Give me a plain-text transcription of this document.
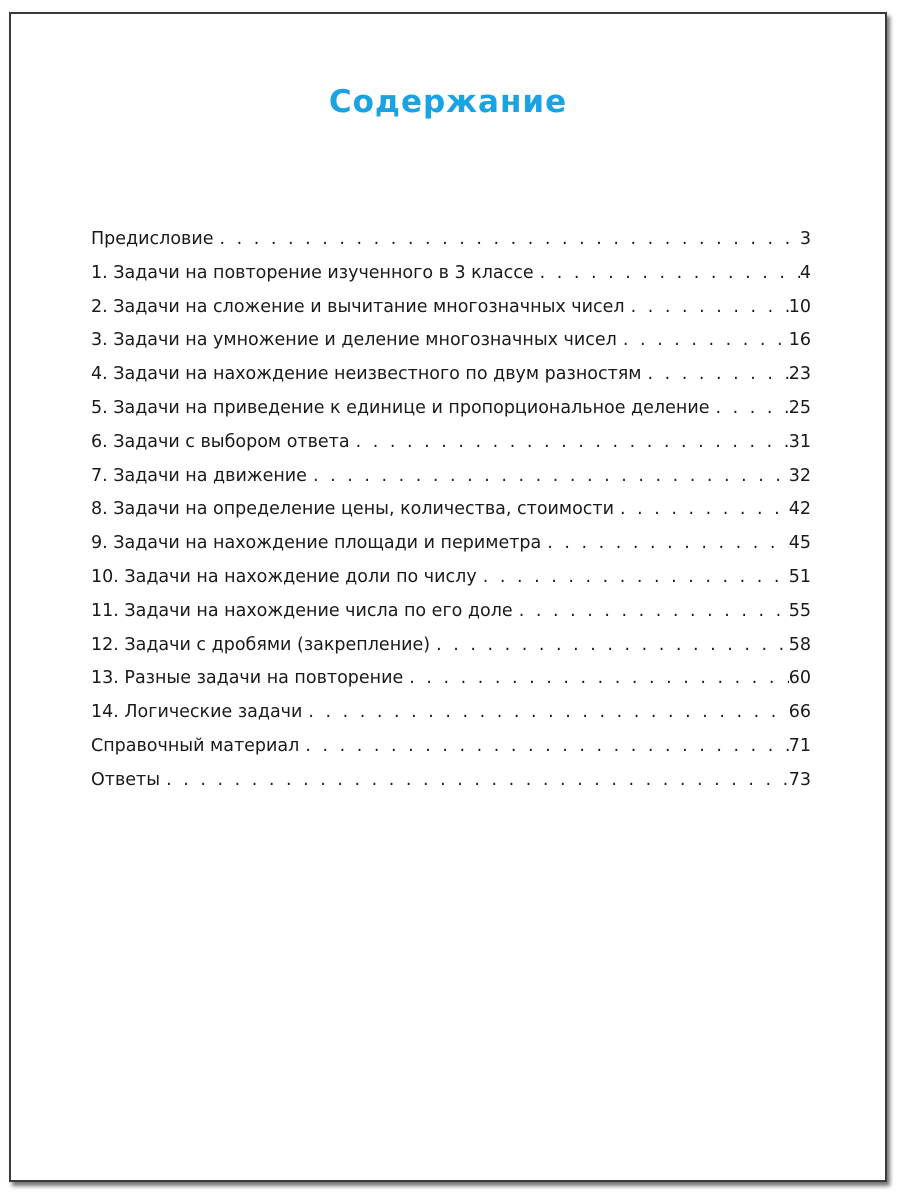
Содержание
Предисловие . . .	3
1. Задачи на повторение изученного в 3 классе . . .	4
2. Задачи на сложение и вычитание многозначных чисел . . .	10
3. Задачи на умножение и деление многозначных чисел . . .	16
4. Задачи на нахождение неизвестного по двум разностям . . .	23
5. Задачи на приведение к единице и пропорциональное деление . . .	25
6. Задачи с выбором ответа . . .	31
7. Задачи на движение . . .	32
8. Задачи на определение цены, количества, стоимости . . .	42
9. Задачи на нахождение площади и периметра . . .	45
10. Задачи на нахождение доли по числу . . .	51
11. Задачи на нахождение числа по его доле . . .	55
12. Задачи с дробями (закрепление) . . .	58
13. Разные задачи на повторение . . .	60
14. Логические задачи . . .	66
Справочный материал . . .	71
Ответы . . .	73
